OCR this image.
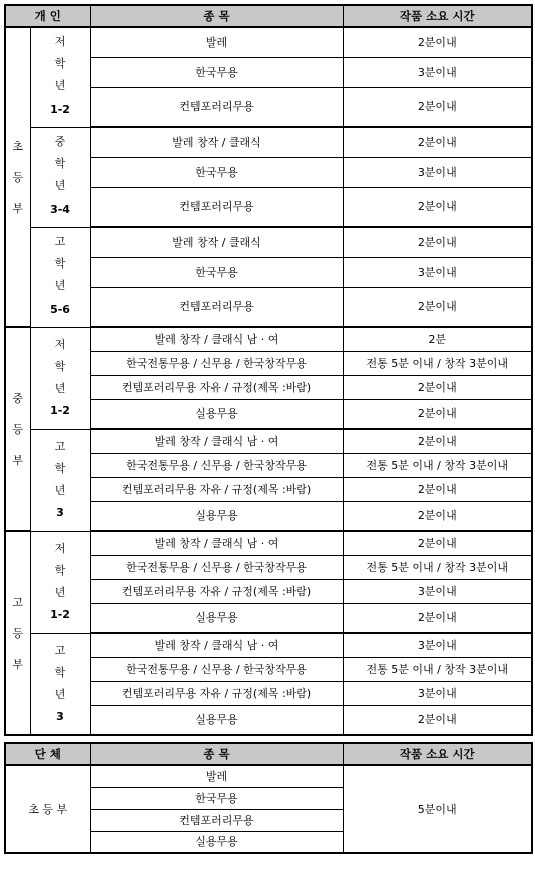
개 인		종 목	작품 소요 시간

초
등
부	저
학
년
1-2	발레	2분이내
		한국무용	3분이내
		컨템포러리무용	2분이내

	중
학
년
3-4	발레 창작 / 클래식	2분이내
		한국무용	3분이내
		컨템포러리무용	2분이내

	고
학
년
5-6	발레 창작 / 클래식	2분이내
		한국무용	3분이내
		컨템포러리무용	2분이내

중
등
부	저
학
년
1-2	발레 창작 / 클래식 남 · 여	2분
		한국전통무용 / 신무용 / 한국창작무용	전통 5분 이내 / 창작 3분이내
		컨템포러리무용 자유 / 규정(제목 :바람)	2분이내
		실용무용	2분이내

	고
학
년
3	발레 창작 / 클래식 남 · 여	2분이내
		한국전통무용 / 신무용 / 한국창작무용	전통 5분 이내 / 창작 3분이내
		컨템포러리무용 자유 / 규정(제목 :바람)	2분이내
		실용무용	2분이내

고
등
부	저
학
년
1-2	발레 창작 / 클래식 남 · 여	2분이내
		한국전통무용 / 신무용 / 한국창작무용	전통 5분 이내 / 창작 3분이내
		컨템포러리무용 자유 / 규정(제목 :바람)	3분이내
		실용무용	2분이내

	고
학
년
3	발레 창작 / 클래식 남 · 여	3분이내
		한국전통무용 / 신무용 / 한국창작무용	전통 5분 이내 / 창작 3분이내
		컨템포러리무용 자유 / 규정(제목 :바람)	3분이내
		실용무용	2분이내
단 체	종 목	작품 소요 시간
초 등 부	발레	5분이내
	한국무용	
	컨템포러리무용	
	실용무용	
